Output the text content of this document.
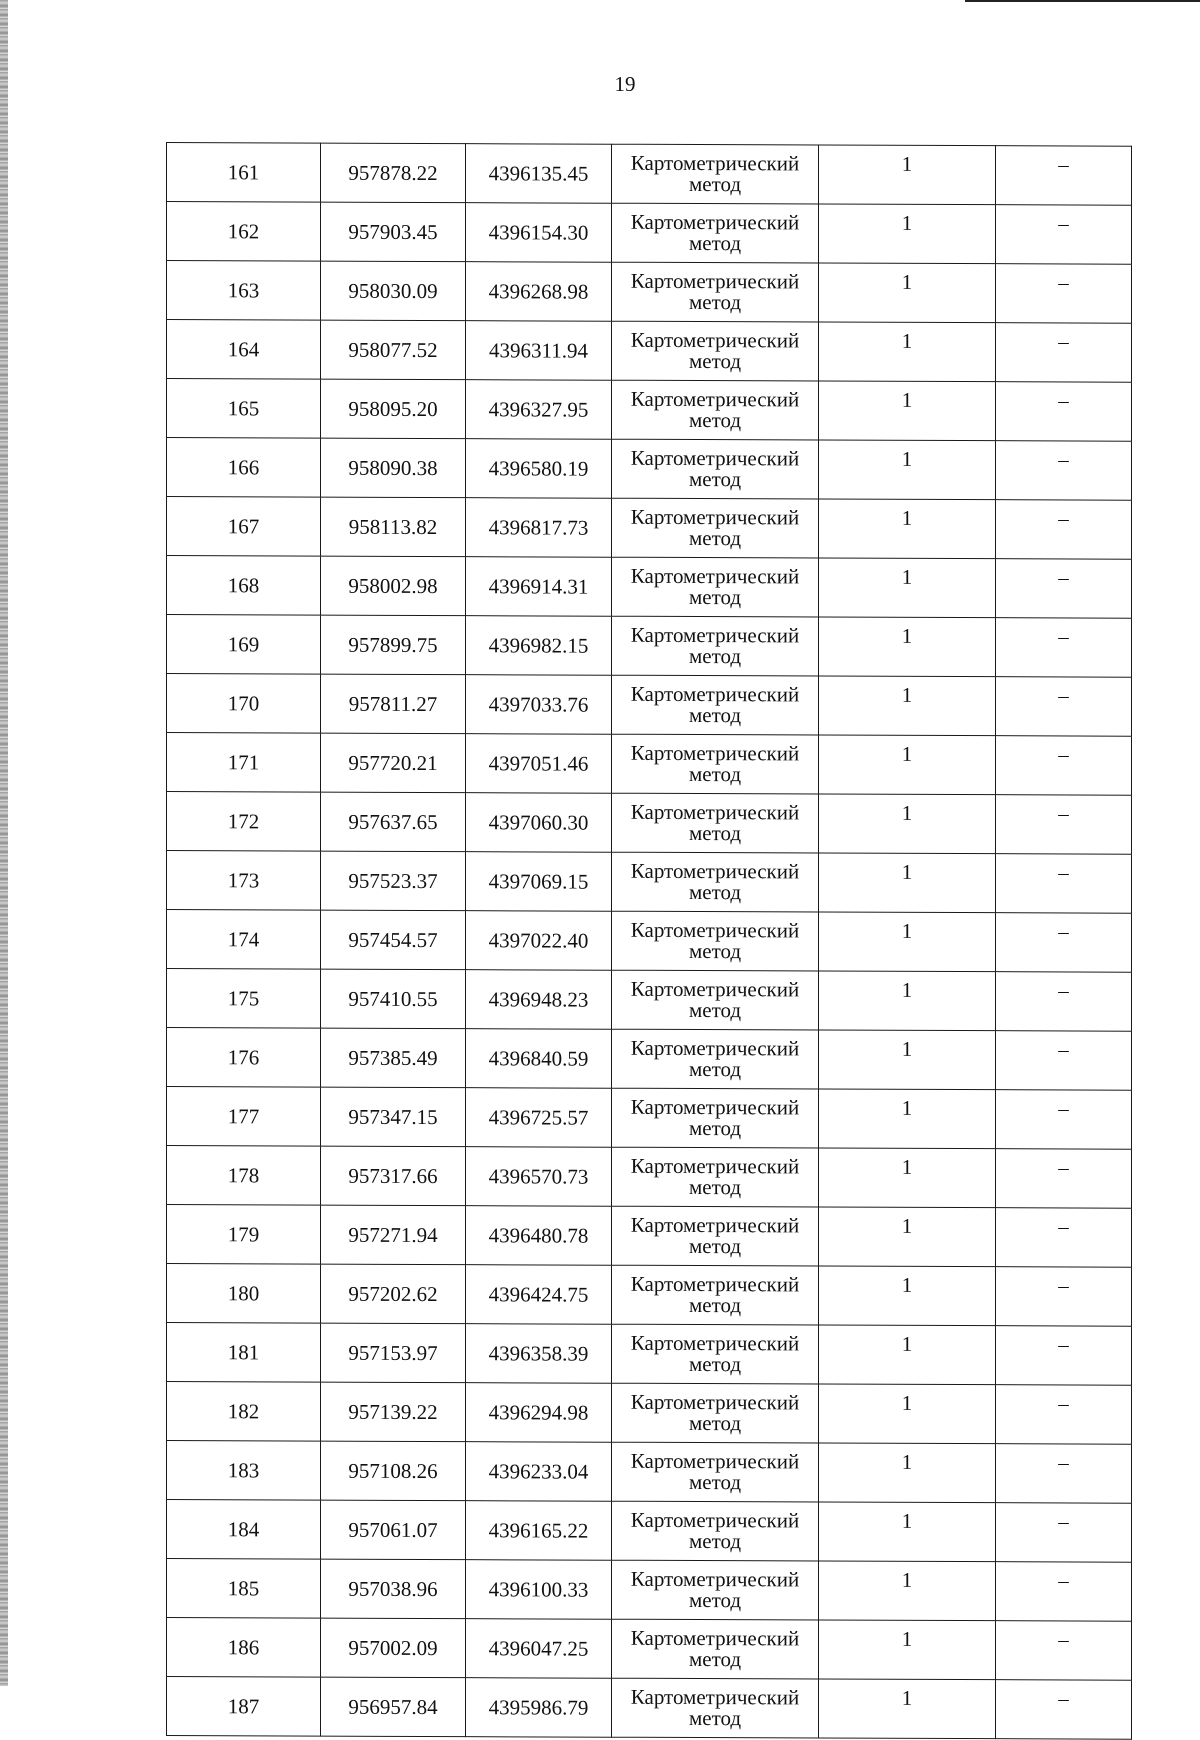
19
161	957878.22	4396135.45	Картометрический
метод	1	–
162	957903.45	4396154.30	Картометрический
метод	1	–
163	958030.09	4396268.98	Картометрический
метод	1	–
164	958077.52	4396311.94	Картометрический
метод	1	–
165	958095.20	4396327.95	Картометрический
метод	1	–
166	958090.38	4396580.19	Картометрический
метод	1	–
167	958113.82	4396817.73	Картометрический
метод	1	–
168	958002.98	4396914.31	Картометрический
метод	1	–
169	957899.75	4396982.15	Картометрический
метод	1	–
170	957811.27	4397033.76	Картометрический
метод	1	–
171	957720.21	4397051.46	Картометрический
метод	1	–
172	957637.65	4397060.30	Картометрический
метод	1	–
173	957523.37	4397069.15	Картометрический
метод	1	–
174	957454.57	4397022.40	Картометрический
метод	1	–
175	957410.55	4396948.23	Картометрический
метод	1	–
176	957385.49	4396840.59	Картометрический
метод	1	–
177	957347.15	4396725.57	Картометрический
метод	1	–
178	957317.66	4396570.73	Картометрический
метод	1	–
179	957271.94	4396480.78	Картометрический
метод	1	–
180	957202.62	4396424.75	Картометрический
метод	1	–
181	957153.97	4396358.39	Картометрический
метод	1	–
182	957139.22	4396294.98	Картометрический
метод	1	–
183	957108.26	4396233.04	Картометрический
метод	1	–
184	957061.07	4396165.22	Картометрический
метод	1	–
185	957038.96	4396100.33	Картометрический
метод	1	–
186	957002.09	4396047.25	Картометрический
метод	1	–
187	956957.84	4395986.79	Картометрический
метод	1	–
